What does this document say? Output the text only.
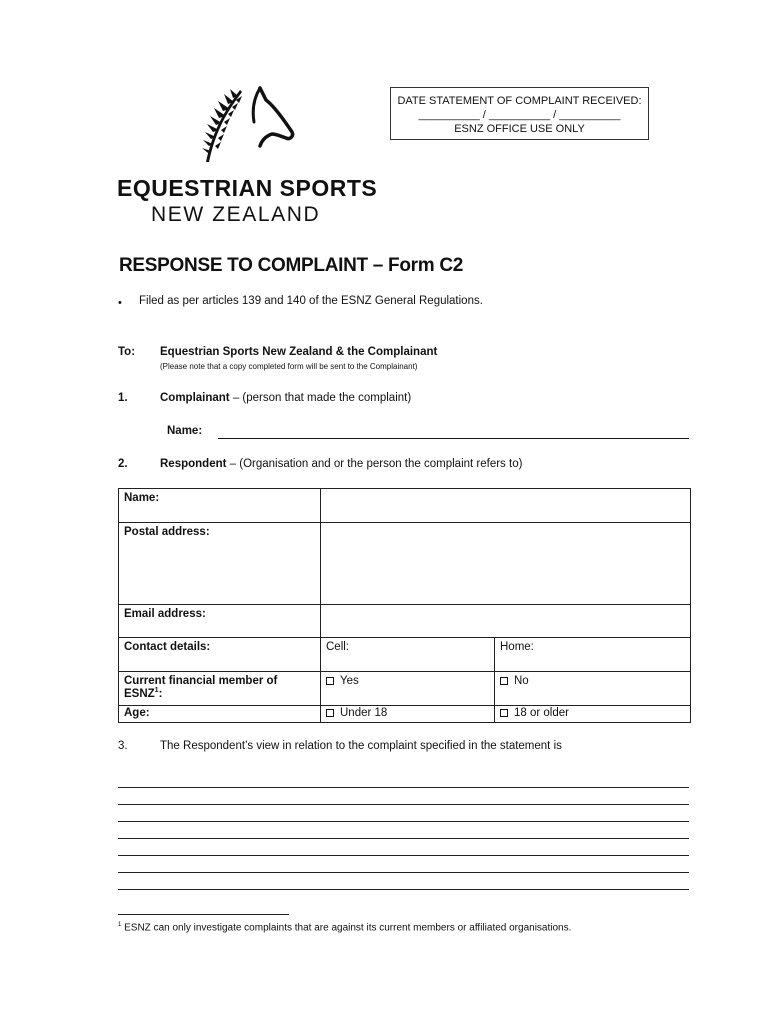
DATE STATEMENT OF COMPLAINT RECEIVED:
__________ / __________ / __________
ESNZ OFFICE USE ONLY
EQUESTRIAN SPORTS
NEW ZEALAND
RESPONSE TO COMPLAINT – Form C2
• Filed as per articles 139 and 140 of the ESNZ General Regulations.
To: Equestrian Sports New Zealand & the Complainant
(Please note that a copy completed form will be sent to the Complainant)
1.	Complainant – (person that made the complaint)
Name:
2.	Respondent – (Organisation and or the person the complaint refers to)
Name:		
Postal address:		
Email address:		
Contact details:	Cell:	Home:
Current financial member of ESNZ$^1$:	Yes	No
Age:	Under 18	18 or older
3.	The Respondent’s view in relation to the complaint specified in the statement is
$^1$ ESNZ can only investigate complaints that are against its current members or affiliated organisations.
